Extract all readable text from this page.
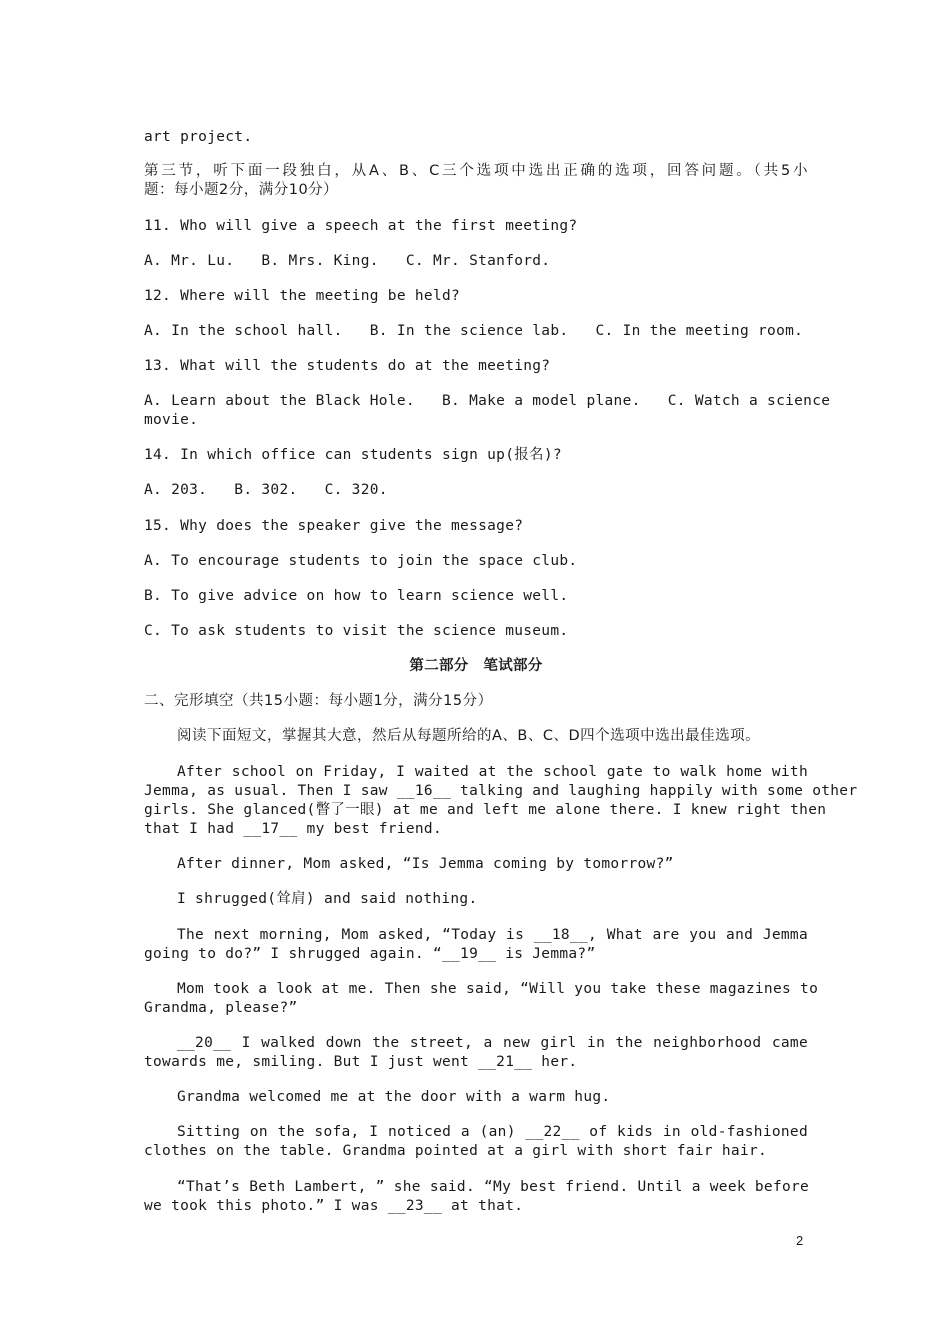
art project.
第三节，听下面一段独白，从A、B、C三个选项中选出正确的选项，回答问题。（共5小
题：每小题2分，满分10分）
11. Who will give a speech at the first meeting?
A. Mr. Lu.   B. Mrs. King.   C. Mr. Stanford.
12. Where will the meeting be held?
A. In the school hall.   B. In the science lab.   C. In the meeting room.
13. What will the students do at the meeting?
A. Learn about the Black Hole.   B. Make a model plane.   C. Watch a science
movie.
14. In which office can students sign up(报名)?
A. 203.   B. 302.   C. 320.
15. Why does the speaker give the message?
A. To encourage students to join the space club.
B. To give advice on how to learn science well.
C. To ask students to visit the science museum.
第二部分　笔试部分
二、完形填空（共15小题：每小题1分，满分15分）
阅读下面短文，掌握其大意，然后从每题所给的A、B、C、D四个选项中选出最佳选项。
After school on Friday, I waited at the school gate to walk home with
Jemma, as usual. Then I saw __16__ talking and laughing happily with some other
girls. She glanced(瞥了一眼) at me and left me alone there. I knew right then
that I had __17__ my best friend.
After dinner, Mom asked, “Is Jemma coming by tomorrow?”
I shrugged(耸肩) and said nothing.
The next morning, Mom asked, “Today is __18__, What are you and Jemma
going to do?” I shrugged again. “__19__ is Jemma?”
Mom took a look at me. Then she said, “Will you take these magazines to
Grandma, please?”
__20__ I walked down the street, a new girl in the neighborhood came
towards me, smiling. But I just went __21__ her.
Grandma welcomed me at the door with a warm hug.
Sitting on the sofa, I noticed a (an) __22__ of kids in old-fashioned
clothes on the table. Grandma pointed at a girl with short fair hair.
“That’s Beth Lambert, ” she said. “My best friend. Until a week before
we took this photo.” I was __23__ at that.
2
